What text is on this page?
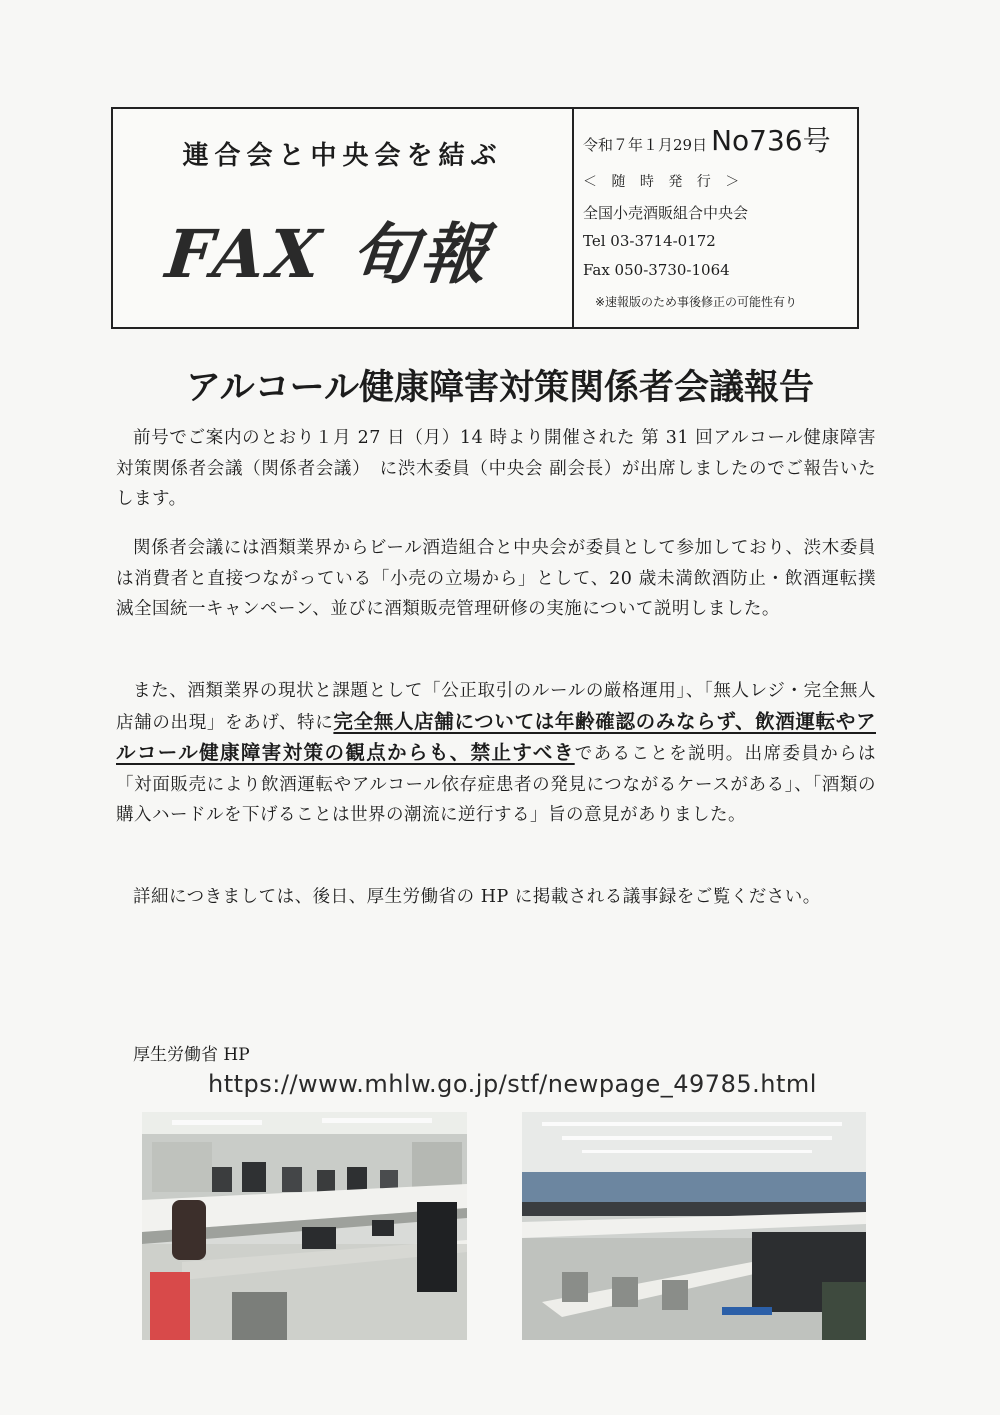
連合会と中央会を結ぶ
FAX 旬報
令和７年１月29日 No736号
＜ 随 時 発 行 ＞
全国小売酒販組合中央会
Tel 03-3714-0172
Fax 050-3730-1064
※速報版のため事後修正の可能性有り
アルコール健康障害対策関係者会議報告

前号でご案内のとおり１月 27 日（月）14 時より開催された 第 31 回アルコール健康障害対策関係者会議（関係者会議）　に渋木委員（中央会 副会長）が出席しましたのでご報告いたします。

関係者会議には酒類業界からビール酒造組合と中央会が委員として参加しており、渋木委員は消費者と直接つながっている「小売の立場から」として、20 歳未満飲酒防止・飲酒運転撲滅全国統一キャンペーン、並びに酒類販売管理研修の実施について説明しました。

また、酒類業界の現状と課題として「公正取引のルールの厳格運用」、「無人レジ・完全無人店舗の出現」をあげ、特に完全無人店舗については年齢確認のみならず、飲酒運転やアルコール健康障害対策の観点からも、禁止すべきであることを説明。出席委員からは「対面販売により飲酒運転やアルコール依存症患者の発見につながるケースがある」、「酒類の購入ハードルを下げることは世界の潮流に逆行する」旨の意見がありました。

詳細につきましては、後日、厚生労働省の HP に掲載される議事録をご覧ください。

厚生労働省 HP
https://www.mhlw.go.jp/stf/newpage_49785.html
